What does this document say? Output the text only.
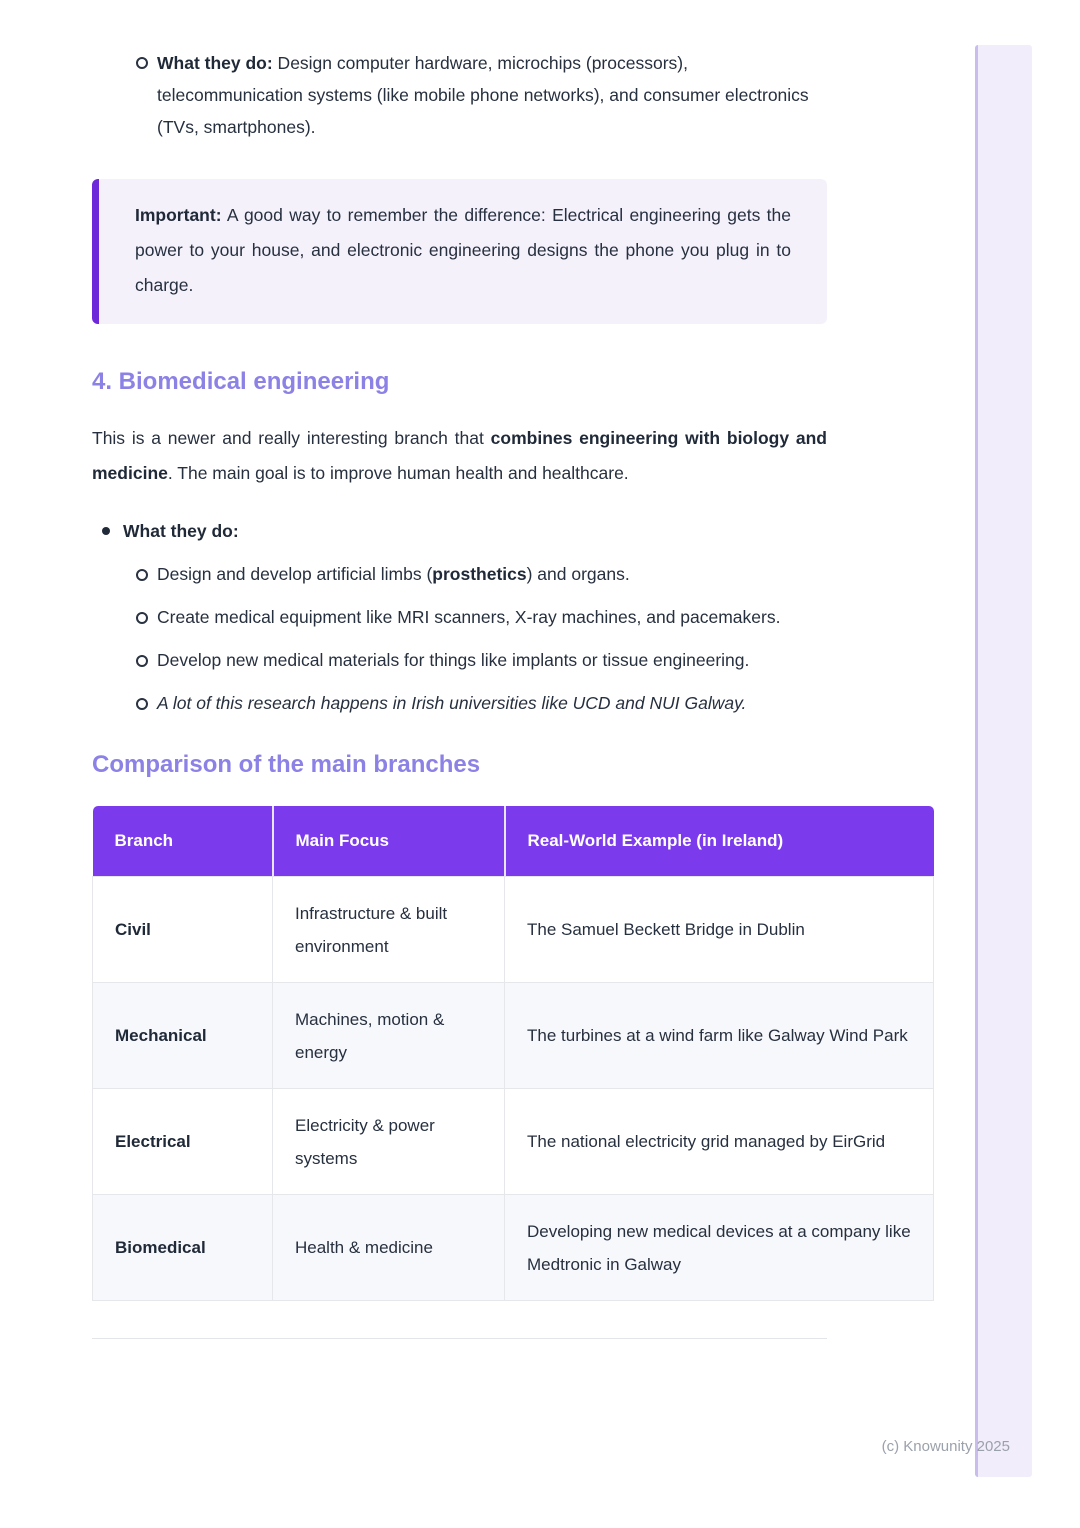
What they do: Design computer hardware, microchips (processors), telecommunication systems (like mobile phone networks), and consumer electronics (TVs, smartphones).
Important: A good way to remember the difference: Electrical engineering gets the power to your house, and electronic engineering designs the phone you plug in to charge.
4. Biomedical engineering
This is a newer and really interesting branch that combines engineering with biology and medicine. The main goal is to improve human health and healthcare.
What they do:
Design and develop artificial limbs (prosthetics) and organs.
Create medical equipment like MRI scanners, X-ray machines, and pacemakers.
Develop new medical materials for things like implants or tissue engineering.
A lot of this research happens in Irish universities like UCD and NUI Galway.
Comparison of the main branches
Branch	Main Focus	Real-World Example (in Ireland)
Civil	Infrastructure & built environment	The Samuel Beckett Bridge in Dublin
Mechanical	Machines, motion & energy	The turbines at a wind farm like Galway Wind Park
Electrical	Electricity & power systems	The national electricity grid managed by EirGrid
Biomedical	Health & medicine	Developing new medical devices at a company like Medtronic in Galway
(c) Knowunity 2025
